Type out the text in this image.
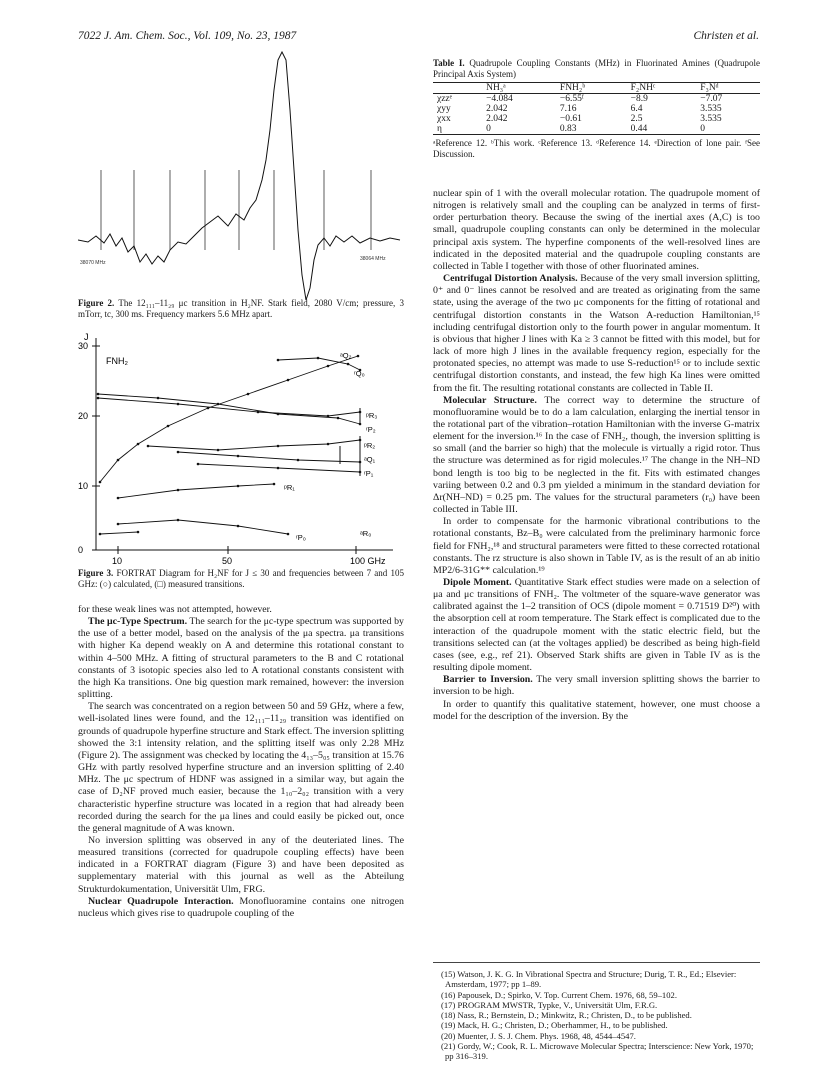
7022 J. Am. Chem. Soc., Vol. 109, No. 23, 1987	Christen et al.
38070 MHz
38064 MHz

Figure 2. The 12₁₁₁–11₂₉ μc transition in H₂NF. Stark field, 2080 V/cm; pressure, 3 mTorr, tc, 300 ms. Frequency markers 5.6 MHz apart.

J
FNH₂
30
20
10
0
10	50	100 GHz
ᵃQ₂
ʳQ₀
ᵖR₃
ʳP₂
ᵖR₂
ᵃQ₁
ʳP₁
ᵖR₁
ʳP₀	ᵃR₀

Figure 3. FORTRAT Diagram for H₂NF for J ≤ 30 and frequencies between 7 and 105 GHz: (○) calculated, (□) measured transitions.

for these weak lines was not attempted, however.

The μc-Type Spectrum. The search for the μc-type spectrum was supported by the use of a better model, based on the analysis of the μa spectra. μa transitions with higher Ka depend weakly on A and determine this rotational constant to within 4–500 MHz. A fitting of structural parameters to the B and C rotational constants of 3 isotopic species also led to A rotational constants consistent with the high Ka transitions. One big question mark remained, however: the inversion splitting.

The search was concentrated on a region between 50 and 59 GHz, where a few, well-isolated lines were found, and the 12₁₁₁–11₂₉ transition was identified on grounds of quadrupole hyperfine structure and Stark effect. The inversion splitting showed the 3:1 intensity relation, and the splitting itself was only 2.28 MHz (Figure 2). The assignment was checked by locating the 4₁₃–5₀₅ transition at 15.76 GHz with partly resolved hyperfine structure and an inversion splitting of 2.40 MHz. The μc spectrum of HDNF was assigned in a similar way, but again the case of D₂NF proved much easier, because the 1₁₀–2₀₂ transition with a very characteristic hyperfine structure was located in a region that had already been recorded during the search for the μa lines and could easily be picked out, once the general magnitude of A was known.

No inversion splitting was observed in any of the deuteriated lines. The measured transitions (corrected for quadrupole coupling effects) have been indicated in a FORTRAT diagram (Figure 3) and have been deposited as supplementary material with this journal as well as the Abteilung Strukturdokumentation, Universität Ulm, FRG.

Nuclear Quadrupole Interaction. Monofluoramine contains one nitrogen nucleus which gives rise to quadrupole coupling of the

Table I. Quadrupole Coupling Constants (MHz) in Fluorinated Amines (Quadrupole Principal Axis System)

	NH₃ᵃ	FNH₂ᵇ	F₂NHᶜ	F₃Nᵈ
χzzᵉ	−4.084	−6.55ᶠ	−8.9	−7.07
χyy	2.042	7.16	6.4	3.535
χxx	2.042	−0.61	2.5	3.535
η	0	0.83	0.44	0

ᵃReference 12. ᵇThis work. ᶜReference 13. ᵈReference 14. ᵉDirection of lone pair. ᶠSee Discussion.

nuclear spin of 1 with the overall molecular rotation. The quadrupole moment of nitrogen is relatively small and the coupling can be analyzed in terms of first-order perturbation theory. Because the swing of the inertial axes (A,C) is too small, quadrupole coupling constants can only be determined in the molecular principal axis system. The hyperfine components of the well-resolved lines are indicated in the deposited material and the quadrupole coupling constants are collected in Table I together with those of other fluorinated amines.

Centrifugal Distortion Analysis. Because of the very small inversion splitting, 0⁺ and 0⁻ lines cannot be resolved and are treated as originating from the same state, using the average of the two μc components for the fitting of rotational and centrifugal distortion constants in the Watson A-reduction Hamiltonian,¹⁵ including centrifugal distortion only to the fourth power in angular momentum. It is obvious that higher J lines with Ka ≥ 3 cannot be fitted with this model, but for lack of more high J lines in the available frequency region, especially for the protonated species, no attempt was made to use S-reduction¹⁵ or to include sextic centrifugal distortion constants, and instead, the few high Ka lines were omitted from the fit. The resulting rotational constants are collected in Table II.

Molecular Structure. The correct way to determine the structure of monofluoramine would be to do a lam calculation, enlarging the inertial tensor in the rotational part of the vibration–rotation Hamiltonian with the inverse G-matrix element for the inversion.¹⁶ In the case of FNH₂, though, the inversion splitting is so small (and the barrier so high) that the molecule is virtually a rigid rotor. Thus the structure was determined as for rigid molecules.¹⁷ The change in the NH–ND bond length is too big to be neglected in the fit. Fits with estimated changes variing between 0.2 and 0.3 pm yielded a minimum in the standard deviation for Δr(NH–ND) = 0.25 pm. The values for the structural parameters (r₀) have been collected in Table III.

In order to compensate for the harmonic vibrational contributions to the rotational constants, Bz–B₀ were calculated from the preliminary harmonic force field for FNH₂,¹⁸ and structural parameters were fitted to these corrected rotational constants. The rz structure is also shown in Table IV, as is the result of an ab initio MP2/6-31G** calculation.¹⁹

Dipole Moment. Quantitative Stark effect studies were made on a selection of μa and μc transitions of FNH₂. The voltmeter of the square-wave generator was calibrated against the 1–2 transition of OCS (dipole moment = 0.71519 D²⁰) with the absorption cell at room temperature. The Stark effect is complicated due to the interaction of the quadrupole moment with the static electric field, but the transitions selected can (at the voltages applied) be described as being high-field cases (see, e.g., ref 21). Observed Stark shifts are given in Table IV as is the resulting dipole moment.

Barrier to Inversion. The very small inversion splitting shows the barrier to inversion to be high.

In order to quantify this qualitative statement, however, one must choose a model for the description of the inversion. By the

(15) Watson, J. K. G. In Vibrational Spectra and Structure; Durig, T. R., Ed.; Elsevier: Amsterdam, 1977; pp 1–89.

(16) Papousek, D.; Spirko, V. Top. Current Chem. 1976, 68, 59–102.

(17) PROGRAM MWSTR, Typke, V., Universität Ulm, F.R.G.

(18) Nass, R.; Bernstein, D.; Minkwitz, R.; Christen, D., to be published.

(19) Mack, H. G.; Christen, D.; Oberhammer, H., to be published.

(20) Muenter, J. S. J. Chem. Phys. 1968, 48, 4544–4547.

(21) Gordy, W.; Cook, R. L. Microwave Molecular Spectra; Interscience: New York, 1970; pp 316–319.
